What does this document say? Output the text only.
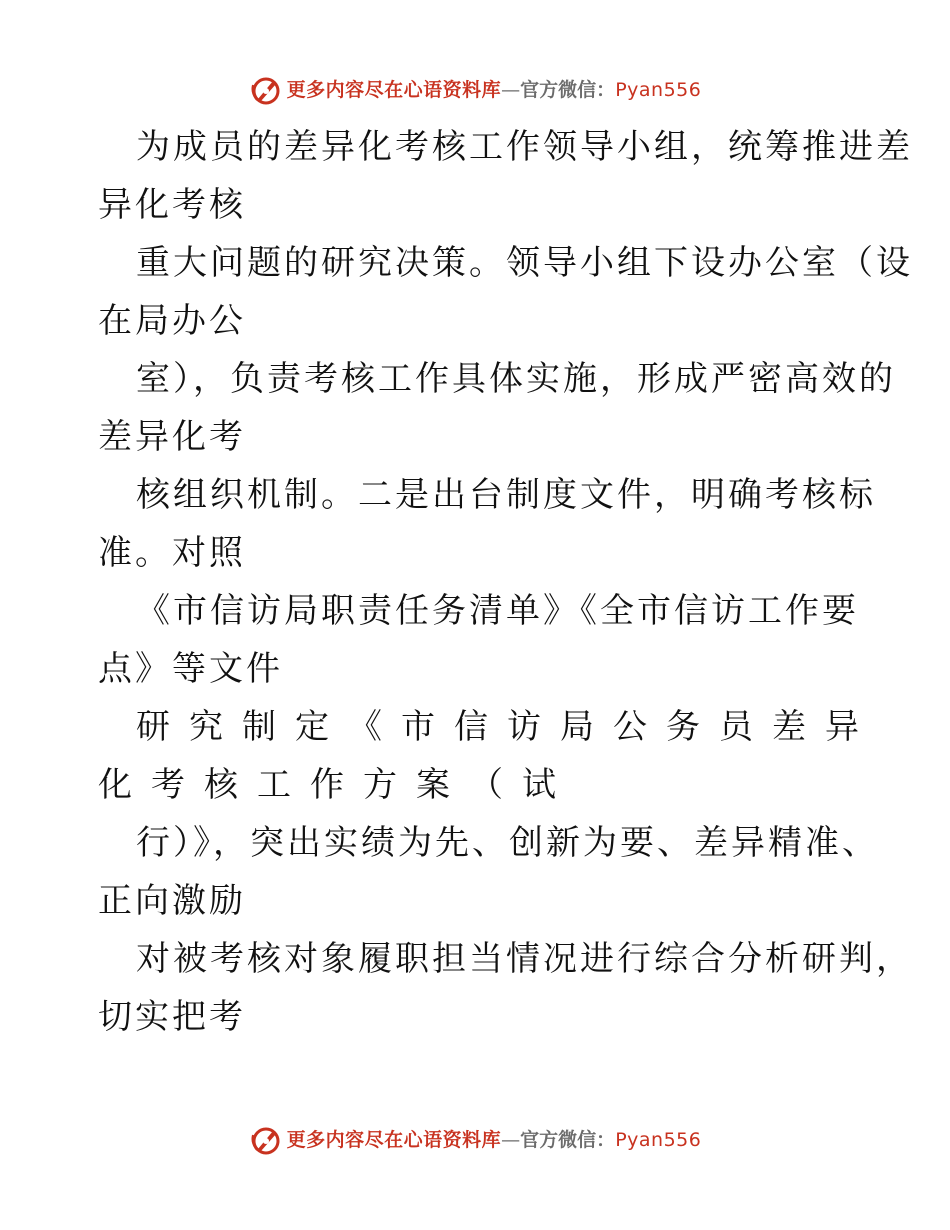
更多内容尽在心语资料库 — 官方微信： Pyan556
为成员的差异化考核工作领导小组，统筹推进差
异化考核
重大问题的研究决策。领导小组下设办公室（设
在局办公
室），负责考核工作具体实施，形成严密高效的
差异化考
核组织机制。二是出台制度文件，明确考核标
准。对照
《市信访局职责任务清单》《全市信访工作要
点》等文件
研究制定《市信访局公务员差异
化考核工作方案（试
行）》，突出实绩为先、创新为要、差异精准、
正向激励
对被考核对象履职担当情况进行综合分析研判，
切实把考
更多内容尽在心语资料库 — 官方微信： Pyan556
